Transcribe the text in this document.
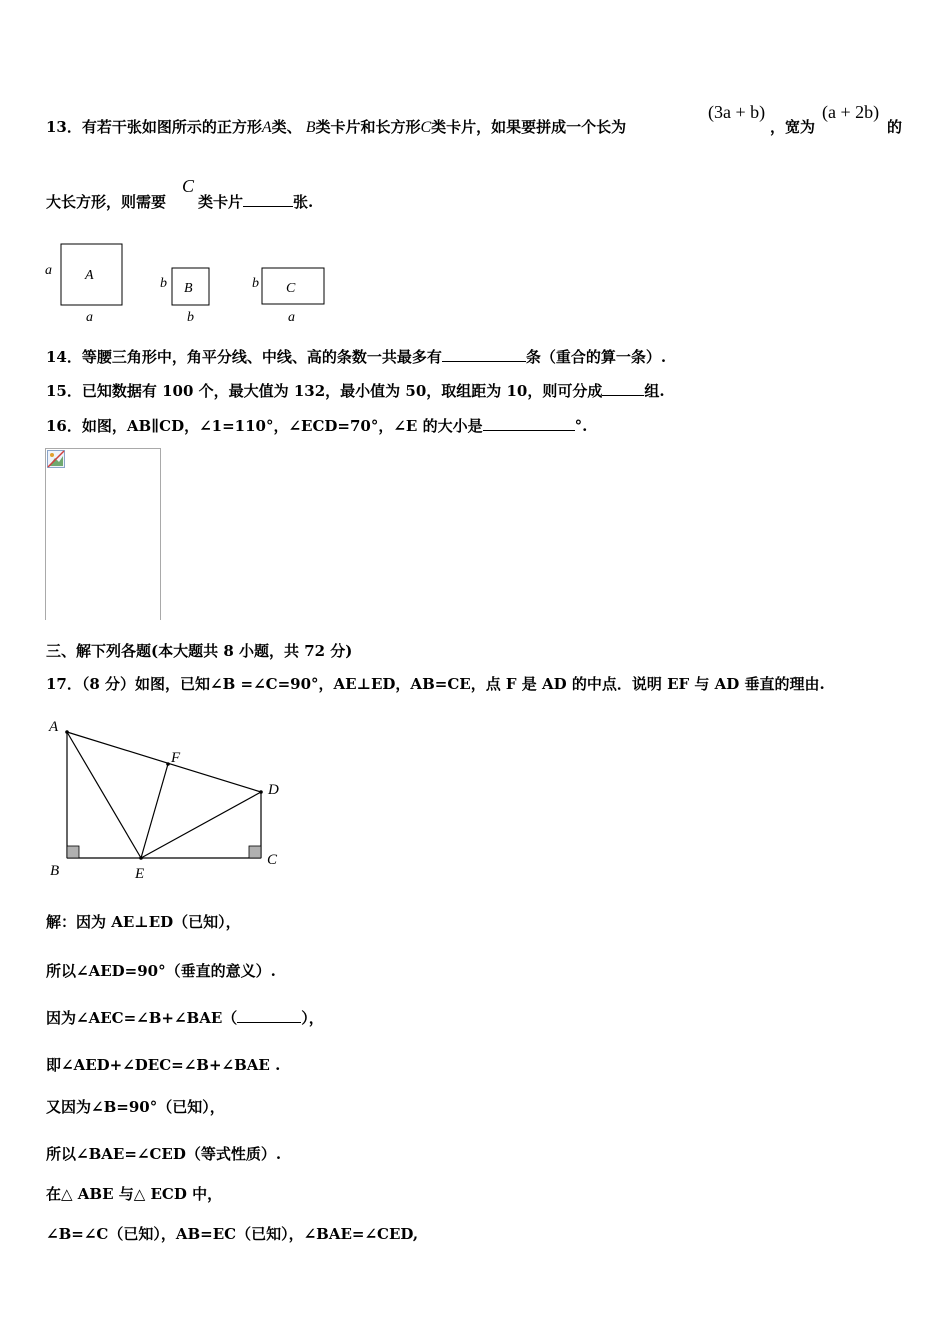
13．有若干张如图所示的正方形A类、 B类卡片和长方形C类卡片，如果要拼成一个长为
(3a + b)
，宽为
(a + 2b)
的
大长方形，则需要
C
类卡片	张.
a A
a
b B
b
b C
a
14．等腰三角形中，角平分线、中线、高的条数一共最多有	条（重合的算一条）.
15．已知数据有 100 个，最大值为 132，最小值为 50，取组距为 10，则可分成	组.
16．如图，AB∥CD，∠1=110°，∠ECD=70°，∠E 的大小是	°.
三、解下列各题(本大题共 8 小题，共 72 分)
17．（8 分）如图，已知∠B =∠C=90°，AE⊥ED，AB=CE，点 F 是 AD 的中点．说明 EF 与 AD 垂直的理由.
A
F
D
B	E
C
解：因为 AE⊥ED（已知），
所以∠AED=90°（垂直的意义）.
因为∠AEC=∠B+∠BAE（	），
即∠AED+∠DEC=∠B+∠BAE .
又因为∠B=90°（已知），
所以∠BAE=∠CED（等式性质）.
在△ ABE 与△ ECD 中，
∠B=∠C（已知），AB=EC（已知），∠BAE=∠CED,
